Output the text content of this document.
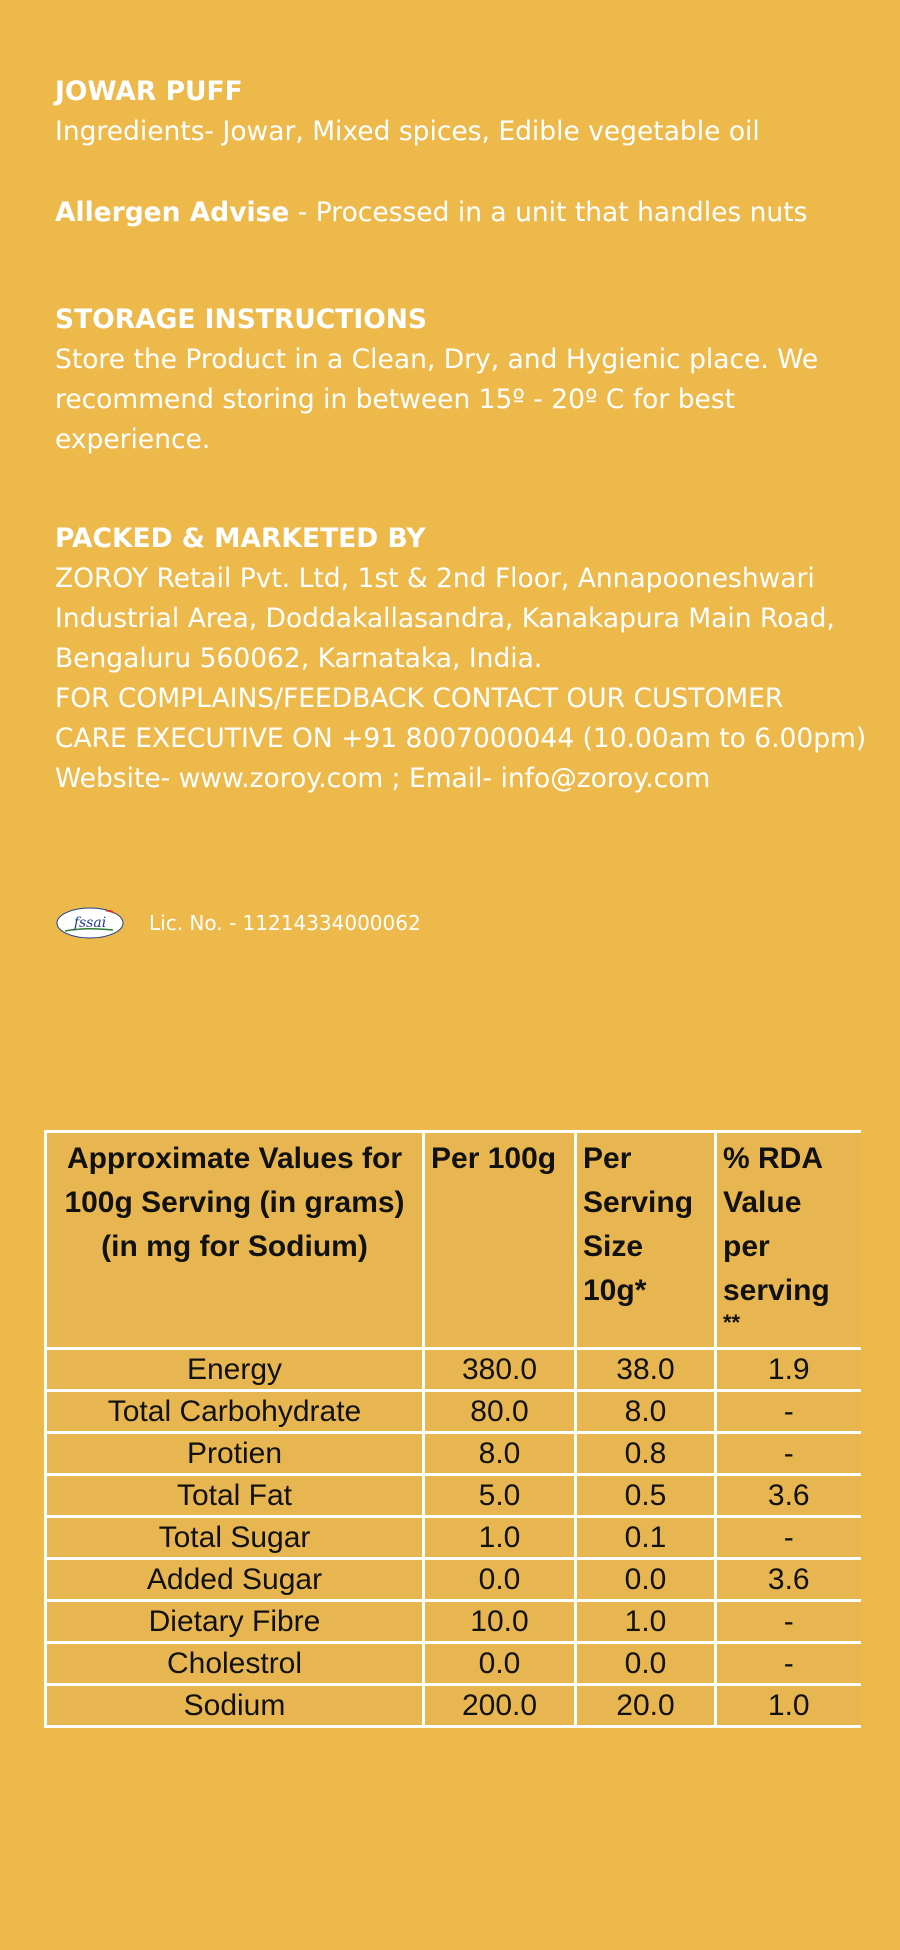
JOWAR PUFF
Ingredients- Jowar, Mixed spices, Edible vegetable oil
Allergen Advise - Processed in a unit that handles nuts
STORAGE INSTRUCTIONS
Store the Product in a Clean, Dry, and Hygienic place. We
recommend storing in between 15º - 20º C for best
experience.
PACKED & MARKETED BY
ZOROY Retail Pvt. Ltd, 1st & 2nd Floor, Annapooneshwari
Industrial Area, Doddakallasandra, Kanakapura Main Road,
Bengaluru 560062, Karnataka, India.
FOR COMPLAINS/FEEDBACK CONTACT OUR CUSTOMER
CARE EXECUTIVE ON +91 8007000044 (10.00am to 6.00pm)
Website- www.zoroy.com ; Email- info@zoroy.com
fssai Lic. No. - 11214334000062
Approximate Values for 100g Serving (in grams) (in mg for Sodium)	Per 100g	Per Serving Size 10g*	% RDA Value per serving
**

Energy	380.0	38.0	1.9
Total Carbohydrate	80.0	8.0	-
Protien	8.0	0.8	-
Total Fat	5.0	0.5	3.6
Total Sugar	1.0	0.1	-
Added Sugar	0.0	0.0	3.6
Dietary Fibre	10.0	1.0	-
Cholestrol	0.0	0.0	-
Sodium	200.0	20.0	1.0
